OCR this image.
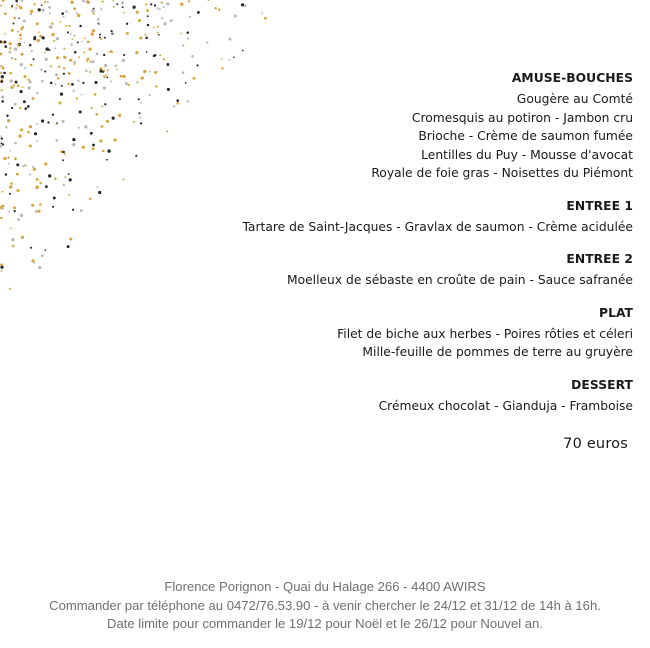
AMUSE-BOUCHES
Gougère au Comté
Cromesquis au potiron - Jambon cru
Brioche - Crème de saumon fumée
Lentilles du Puy - Mousse d'avocat
Royale de foie gras - Noisettes du Piémont
ENTREE 1
Tartare de Saint-Jacques - Gravlax de saumon - Crème acidulée
ENTREE 2
Moelleux de sébaste en croûte de pain - Sauce safranée
PLAT
Filet de biche aux herbes - Poires rôties et céleri
Mille-feuille de pommes de terre au gruyère
DESSERT
Crémeux chocolat - Gianduja - Framboise
70 euros
Florence Porignon - Quai du Halage 266 - 4400 AWIRS
Commander par téléphone au 0472/76.53.90 - à venir chercher le 24/12 et 31/12 de 14h à 16h.
Date limite pour commander le 19/12 pour Noël et le 26/12 pour Nouvel an.
